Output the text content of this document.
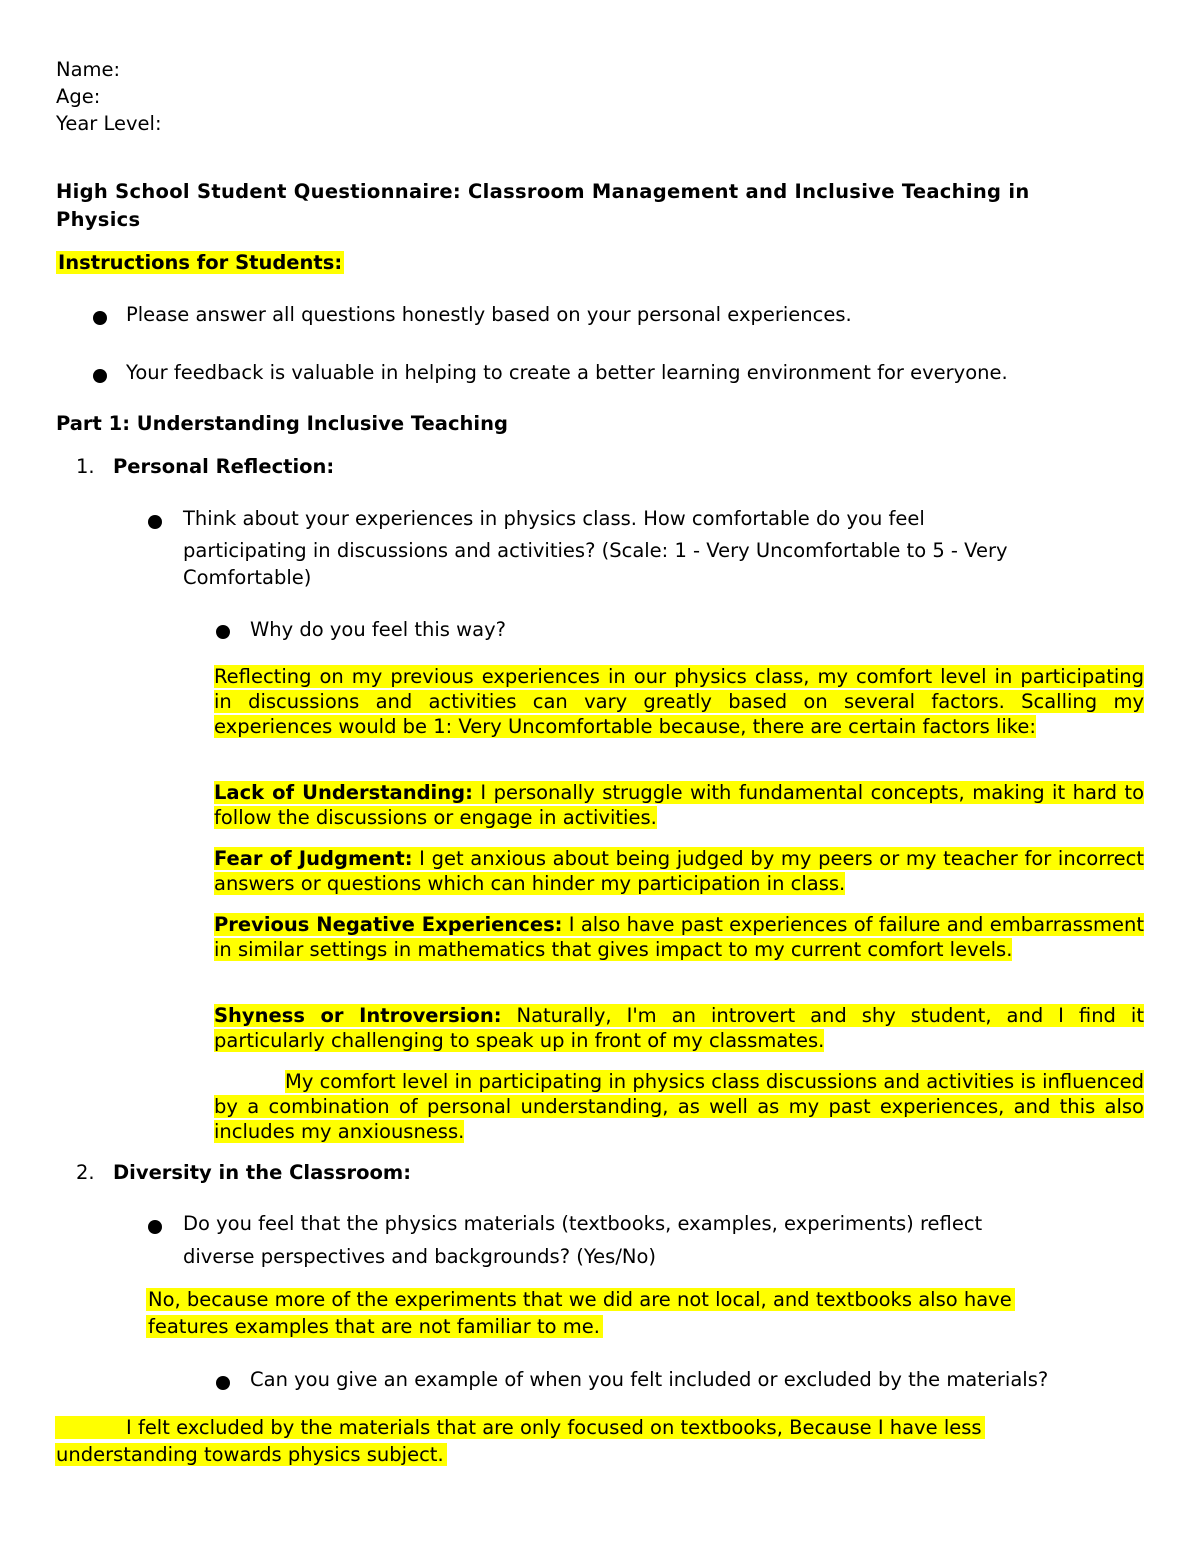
Name:
Age:
Year Level:
High School Student Questionnaire: Classroom Management and Inclusive Teaching in
Physics
Instructions for Students:
Please answer all questions honestly based on your personal experiences.
Your feedback is valuable in helping to create a better learning environment for everyone.
Part 1: Understanding Inclusive Teaching
1. Personal Reflection:
Think about your experiences in physics class. How comfortable do you feel
participating in discussions and activities? (Scale: 1 - Very Uncomfortable to 5 - Very
Comfortable)
Why do you feel this way?
Reflecting on my previous experiences in our physics class, my comfort level in participating in discussions and activities can vary greatly based on several factors. Scalling my experiences would be 1: Very Uncomfortable because, there are certain factors like:
Lack of Understanding: I personally struggle with fundamental concepts, making it hard to follow the discussions or engage in activities.
Fear of Judgment: I get anxious about being judged by my peers or my teacher for incorrect answers or questions which can hinder my participation in class.
Previous Negative Experiences: I also have past experiences of failure and embarrassment in similar settings in mathematics that gives impact to my current comfort levels.
Shyness or Introversion: Naturally, I'm an introvert and shy student, and I find it particularly challenging to speak up in front of my classmates.
My comfort level in participating in physics class discussions and activities is influenced by a combination of personal understanding, as well as my past experiences, and this also includes my anxiousness.
2. Diversity in the Classroom:
Do you feel that the physics materials (textbooks, examples, experiments) reflect
diverse perspectives and backgrounds? (Yes/No)
No, because more of the experiments that we did are not local, and textbooks also have
features examples that are not familiar to me.
Can you give an example of when you felt included or excluded by the materials?
I felt excluded by the materials that are only focused on textbooks, Because I have less
understanding towards physics subject.
